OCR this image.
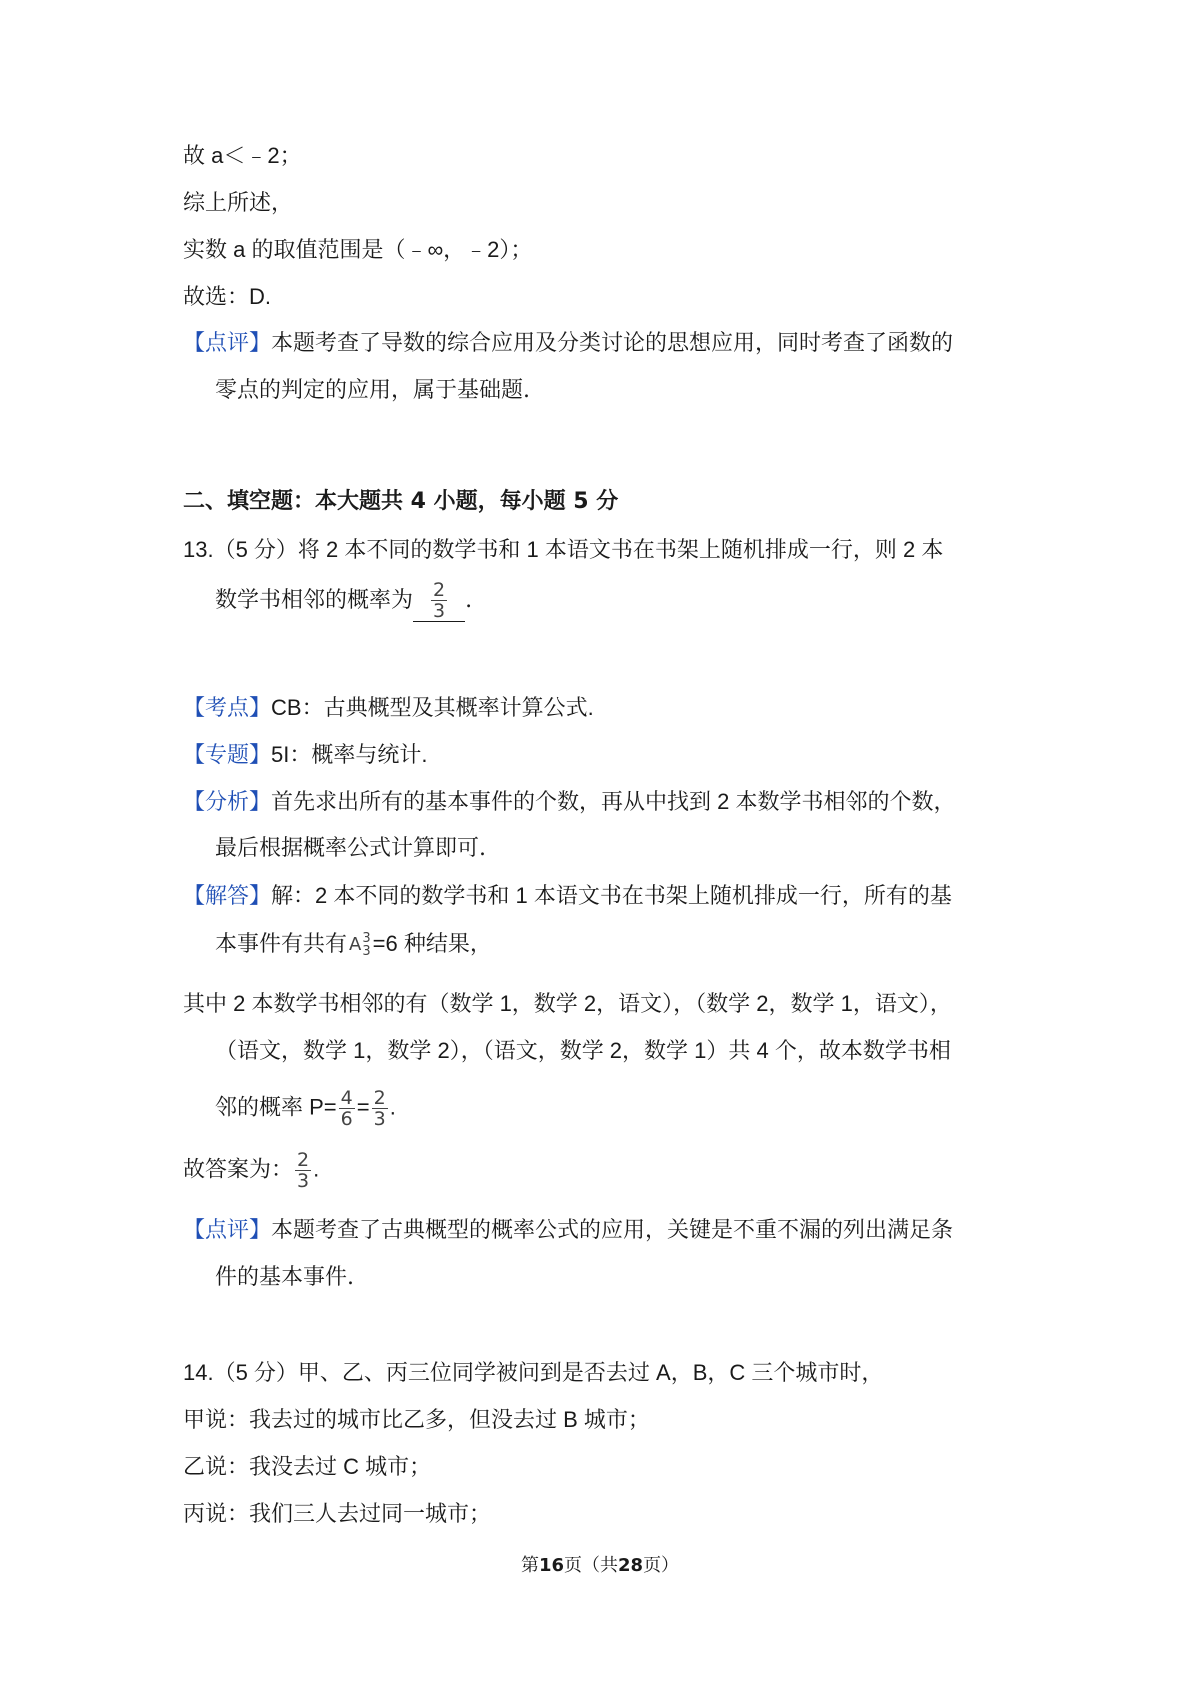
故 a＜﹣2；
综上所述，
实数 a 的取值范围是（﹣∞，﹣2）；
故选：D.
【点评】本题考查了导数的综合应用及分类讨论的思想应用，同时考查了函数的
零点的判定的应用，属于基础题.
二、填空题：本大题共 4 小题，每小题 5 分
13.（5 分）将 2 本不同的数学书和 1 本语文书在书架上随机排成一行，则 2 本
数学书相邻的概率为 $\frac{2}{3}$ .
【考点】CB：古典概型及其概率计算公式.
【专题】5I：概率与统计.
【分析】首先求出所有的基本事件的个数，再从中找到 2 本数学书相邻的个数，
最后根据概率公式计算即可.
【解答】解：2 本不同的数学书和 1 本语文书在书架上随机排成一行，所有的基
本事件有共有 A 3
3 =6 种结果，
其中 2 本数学书相邻的有（数学 1，数学 2，语文），（数学 2，数学 1，语文），
（语文，数学 1，数学 2），（语文，数学 2，数学 1）共 4 个，故本数学书相
邻的概率 $P= \frac{4}{6} = \frac{2}{3}$ .
故答案为： $\frac{2}{3}$ .
【点评】本题考查了古典概型的概率公式的应用，关键是不重不漏的列出满足条
件的基本事件.
14.（5 分）甲、乙、丙三位同学被问到是否去过 A，B，C 三个城市时，
甲说：我去过的城市比乙多，但没去过 B 城市；
乙说：我没去过 C 城市；
丙说：我们三人去过同一城市；
第16页（共28页）
